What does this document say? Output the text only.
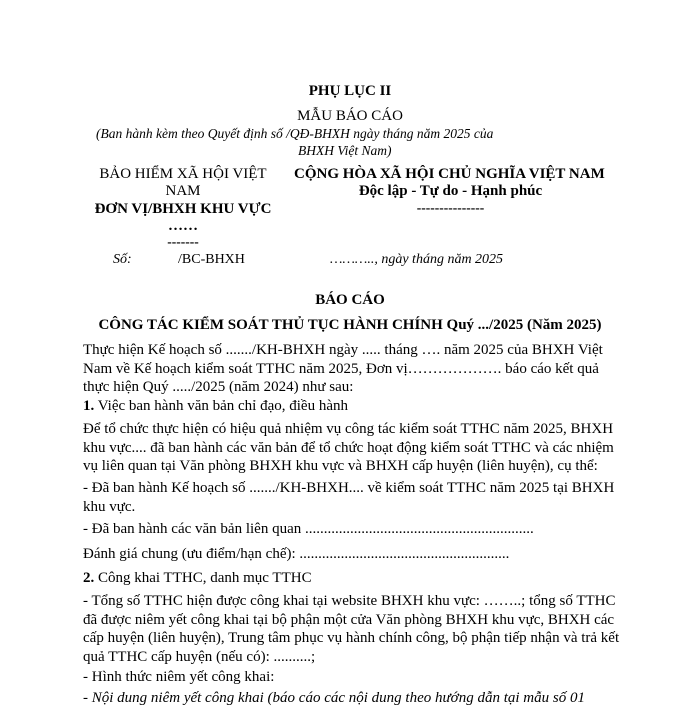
PHỤ LỤC II
MẪU BÁO CÁO
(Ban hành kèm theo Quyết định số /QĐ-BHXH ngày tháng năm 2025 của
BHXH Việt Nam)
BẢO HIỂM XÃ HỘI VIỆT
NAM
ĐƠN VỊ/BHXH KHU VỰC
……
-------
CỘNG HÒA XÃ HỘI CHỦ NGHĨA VIỆT NAM
Độc lập - Tự do - Hạnh phúc
---------------
Số:	/BC-BHXH	……….., ngày tháng năm 2025
BÁO CÁO
CÔNG TÁC KIỂM SOÁT THỦ TỤC HÀNH CHÍNH Quý .../2025 (Năm 2025)
Thực hiện Kế hoạch số ......./KH-BHXH ngày ..... tháng …. năm 2025 của BHXH Việt Nam về Kế hoạch kiểm soát TTHC năm 2025, Đơn vị………………. báo cáo kết quả thực hiện Quý ...../2025 (năm 2024) như sau:
1. Việc ban hành văn bản chỉ đạo, điều hành
Để tổ chức thực hiện có hiệu quả nhiệm vụ công tác kiểm soát TTHC năm 2025, BHXH khu vực.... đã ban hành các văn bản để tổ chức hoạt động kiểm soát TTHC và các nhiệm vụ liên quan tại Văn phòng BHXH khu vực và BHXH cấp huyện (liên huyện), cụ thể:
- Đã ban hành Kế hoạch số ......./KH-BHXH.... về kiểm soát TTHC năm 2025 tại BHXH khu vực.
- Đã ban hành các văn bản liên quan .............................................................
Đánh giá chung (ưu điểm/hạn chế): ........................................................
2. Công khai TTHC, danh mục TTHC
- Tổng số TTHC hiện được công khai tại website BHXH khu vực: ……..; tổng số TTHC đã được niêm yết công khai tại bộ phận một cửa Văn phòng BHXH khu vực, BHXH các cấp huyện (liên huyện), Trung tâm phục vụ hành chính công, bộ phận tiếp nhận và trả kết quả TTHC cấp huyện (nếu có): ..........;
- Hình thức niêm yết công khai:
- Nội dung niêm yết công khai (báo cáo các nội dung theo hướng dẫn tại mẫu số 01
